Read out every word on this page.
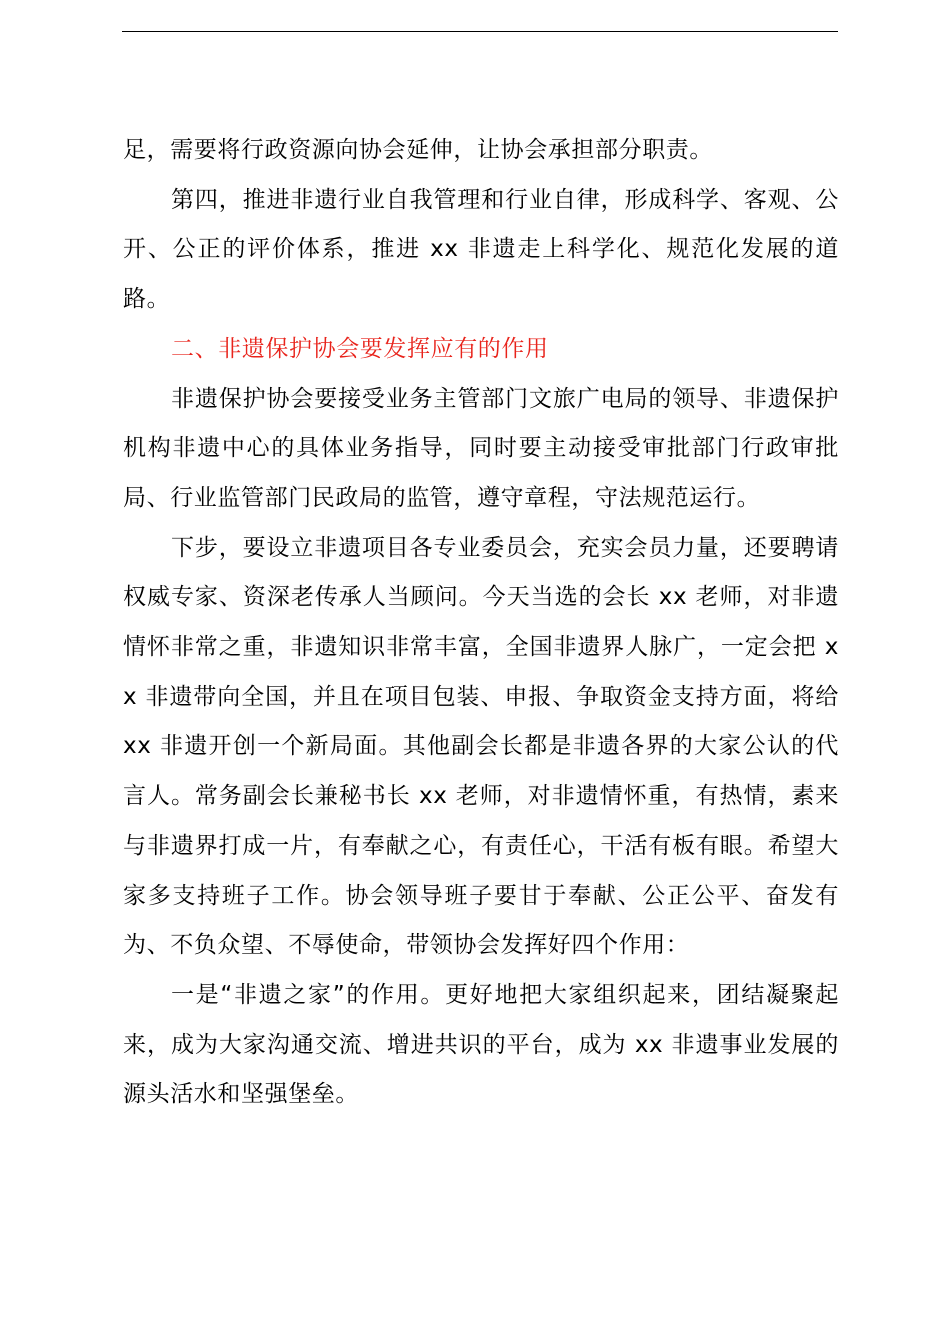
足，需要将行政资源向协会延伸，让协会承担部分职责。

第四，推进非遗行业自我管理和行业自律，形成科学、客观、公开、公正的评价体系，推进 xx 非遗走上科学化、规范化发展的道路。

二、非遗保护协会要发挥应有的作用

非遗保护协会要接受业务主管部门文旅广电局的领导、非遗保护机构非遗中心的具体业务指导，同时要主动接受审批部门行政审批局、行业监管部门民政局的监管，遵守章程，守法规范运行。

下步，要设立非遗项目各专业委员会，充实会员力量，还要聘请权威专家、资深老传承人当顾问。今天当选的会长 xx 老师，对非遗情怀非常之重，非遗知识非常丰富，全国非遗界人脉广，一定会把 xx 非遗带向全国，并且在项目包装、申报、争取资金支持方面，将给 xx 非遗开创一个新局面。其他副会长都是非遗各界的大家公认的代言人。常务副会长兼秘书长 xx 老师，对非遗情怀重，有热情，素来与非遗界打成一片，有奉献之心，有责任心，干活有板有眼。希望大家多支持班子工作。协会领导班子要甘于奉献、公正公平、奋发有为、不负众望、不辱使命，带领协会发挥好四个作用：

一是“非遗之家”的作用。更好地把大家组织起来，团结凝聚起来，成为大家沟通交流、增进共识的平台，成为 xx 非遗事业发展的源头活水和坚强堡垒。
